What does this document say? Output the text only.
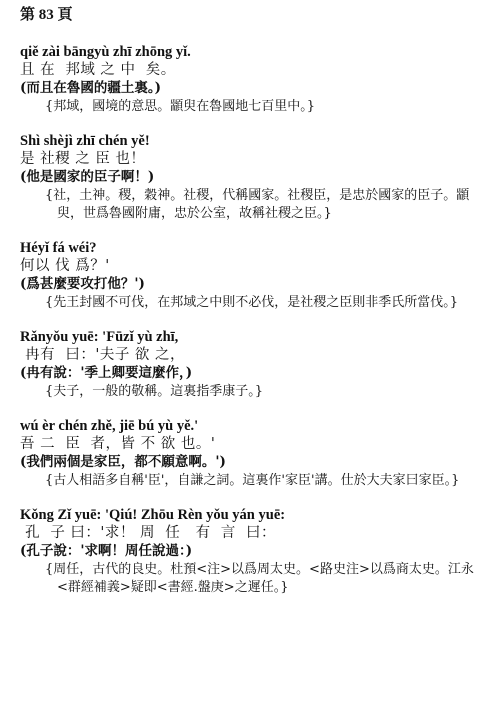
第 83 頁
qiě zài bāngyù zhī zhōng yǐ.
且 在  邦域 之 中  矣。
(而且在魯國的疆土裏。)
{邦域，國境的意思。顓臾在魯國地七百里中。}
Shì shèjì zhī chén yě!
是 社稷 之 臣 也！
(他是國家的臣子啊！)
{社，土神。稷，穀神。社稷，代稱國家。社稷臣，是忠於國家的臣子。顓臾，世爲魯國附庸，忠於公室，故稱社稷之臣。}
Héyǐ fá wéi?
何以 伐 爲？'
(爲甚麼要攻打他？')
{先王封國不可伐，在邦域之中則不必伐，是社稷之臣則非季氏所當伐。}
Rǎnyǒu yuē: 'Fūzǐ yù zhī,
冉有  曰：'夫子 欲 之，
(冉有說：'季上卿要這麼作，)
{夫子，一般的敬稱。這裏指季康子。}
wú èr chén zhě, jiē bú yù yě.'
吾 二  臣  者，皆 不 欲 也。'
(我們兩個是家臣，都不願意啊。')
{古人相語多自稱'臣'，自謙之詞。這裏作'家臣'講。仕於大夫家曰家臣。}
Kǒng Zǐ yuē: 'Qiú! Zhōu Rèn yǒu yán yuē:
孔  子 曰：'求！ 周  任   有  言  曰：
(孔子說：'求啊！周任說過：)
{周任，古代的良史。杜預<注>以爲周太史。<路史注>以爲商太史。江永<群經補義>疑即<書經.盤庚>之遲任。}
